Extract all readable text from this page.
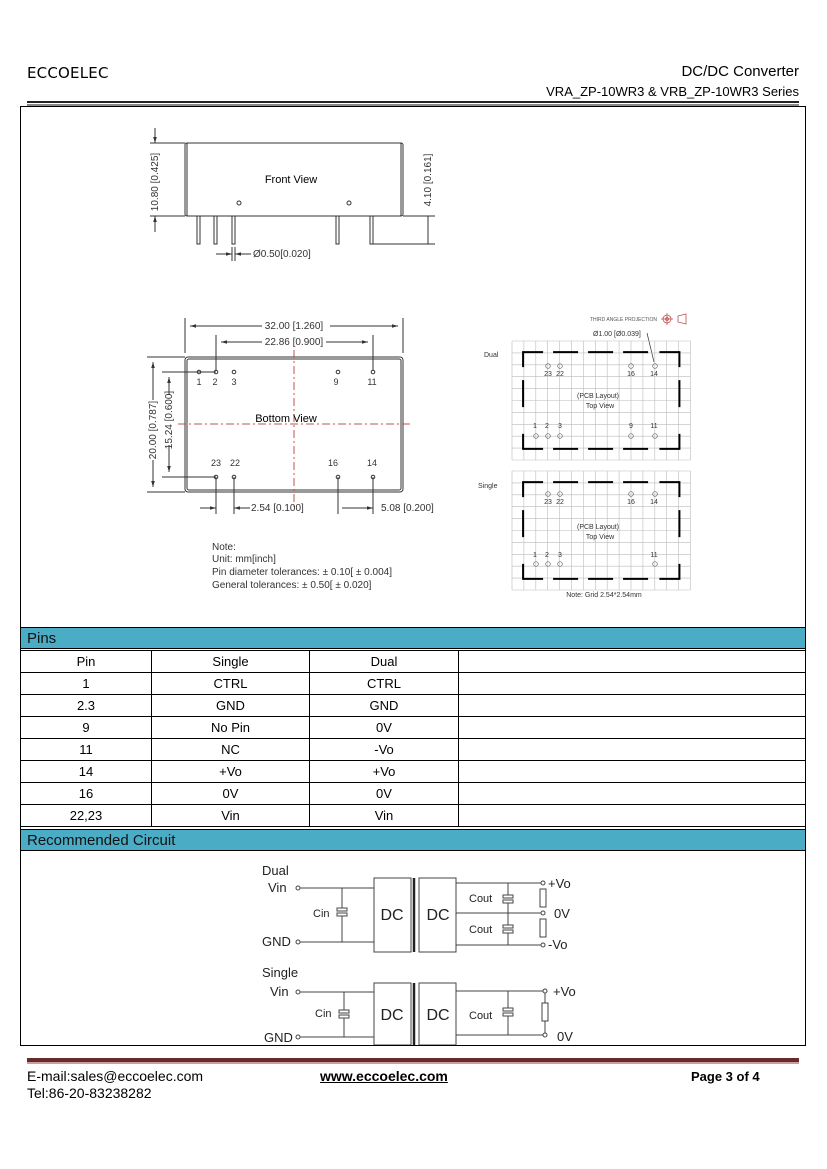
ECCOELEC	DC/DC Converter
VRA_ZP-10WR3 & VRB_ZP-10WR3 Series
Front View
10.80 [0.425]	4.10 [0.161]
Ø0.50[0.020]
32.00 [1.260]
22.86 [0.900]
20.00 [0.787] 15.24 [0.600]	Bottom View
2.54 [0.100]	5.08 [0.200]
1 2 3	9	11
23 22	16	14
Note:
Unit: mm[inch]
Pin diameter tolerances: ± 0.10[ ± 0.004]
General tolerances: ± 0.50[ ± 0.020]
THIRD ANGLE PROJECTION
Ø1.00 [Ø0.039]
Dual
Single
(PCB Layout)
Top View
23 22	16 14
1 2 3	9 11
(PCB Layout)
Top View
23 22	16 14
1 2 3	11
Note: Grid 2.54*2.54mm
Pins
Pin	Single	Dual	
1	CTRL	CTRL	
2.3	GND	GND	
9	No Pin	0V	
11	NC	-Vo	
14	+Vo	+Vo	
16	0V	0V	
22,23	Vin	Vin	
Recommended Circuit
Dual
Vin
GND
Cin	DC DC
Cout
Cout
+Vo
0V
-Vo
Single
Vin
GND
Cin	DC DC Cout
+Vo
0V
E-mail:sales@eccoelec.com
Tel:86-20-83238282
www.eccoelec.com	Page 3 of 4
